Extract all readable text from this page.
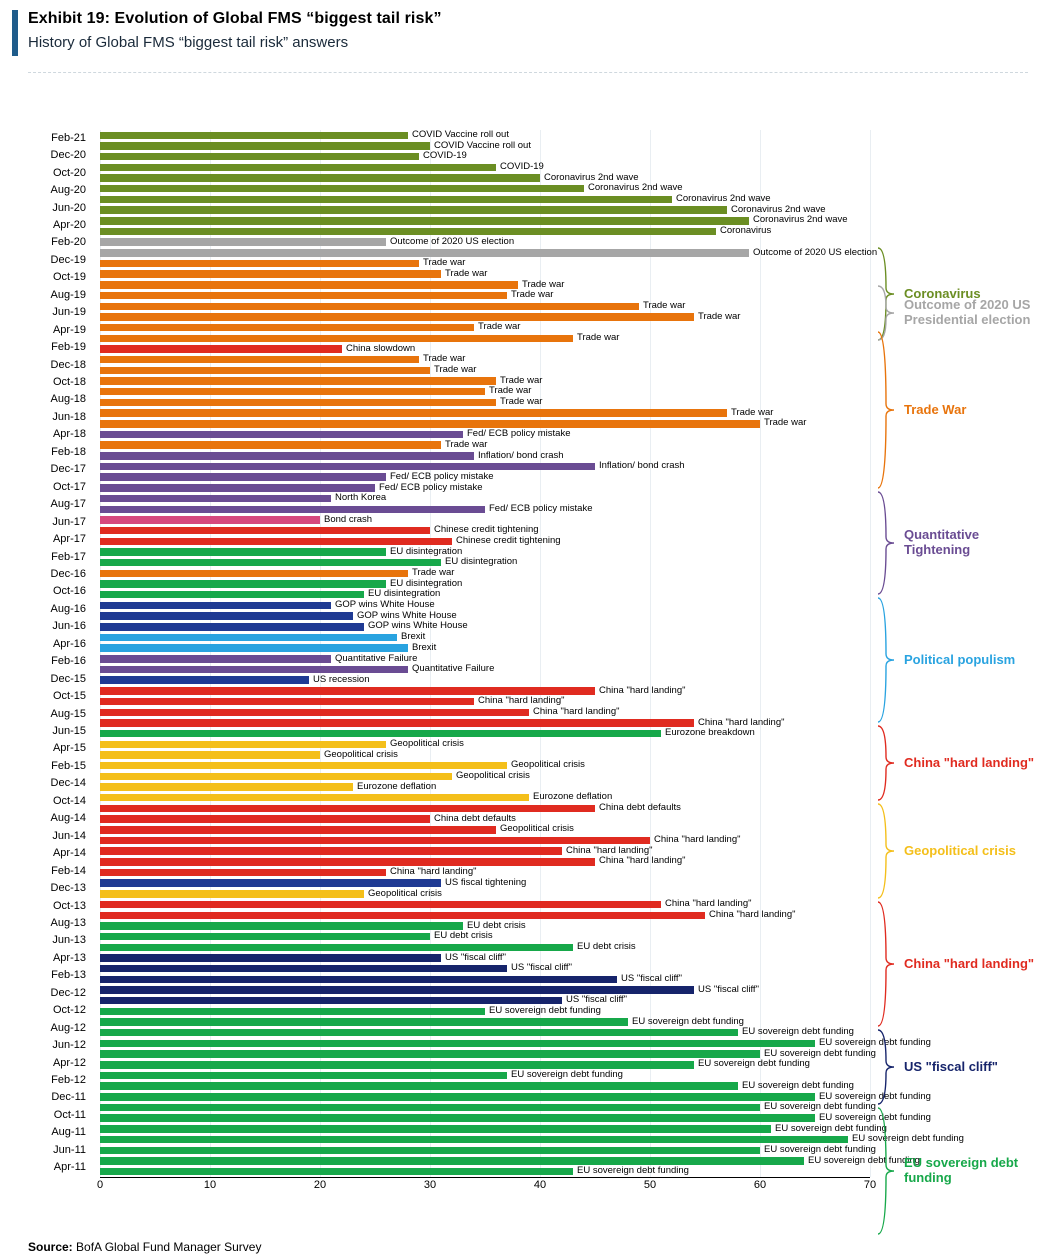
Exhibit 19: Evolution of Global FMS “biggest tail risk”
History of Global FMS “biggest tail risk” answers
COVID Vaccine roll out
COVID Vaccine roll out
COVID-19
COVID-19
Coronavirus 2nd wave
Coronavirus 2nd wave
Coronavirus 2nd wave
Coronavirus 2nd wave
Coronavirus 2nd wave
Coronavirus
Outcome of 2020 US election
Outcome of 2020 US election
Trade war
Trade war
Trade war
Trade war
Trade war
Trade war
Trade war
Trade war
China slowdown
Trade war
Trade war
Trade war
Trade war
Trade war
Trade war
Trade war
Fed/ ECB policy mistake
Trade war
Inflation/ bond crash
Inflation/ bond crash
Fed/ ECB policy mistake
Fed/ ECB policy mistake
North Korea
Fed/ ECB policy mistake
Bond crash
Chinese credit tightening
Chinese credit tightening
EU disintegration
EU disintegration
Trade war
EU disintegration
EU disintegration
GOP wins White House
GOP wins White House
GOP wins White House
Brexit
Brexit
Quantitative Failure
Quantitative Failure
US recession
China "hard landing"
China "hard landing"
China "hard landing"
China "hard landing"
Eurozone breakdown
Geopolitical crisis
Geopolitical crisis
Geopolitical crisis
Geopolitical crisis
Eurozone deflation
Eurozone deflation
China debt defaults
China debt defaults
Geopolitical crisis
China "hard landing"
China "hard landing"
China "hard landing"
China "hard landing"
US fiscal tightening
Geopolitical crisis
China "hard landing"
China "hard landing"
EU debt crisis
EU debt crisis
EU debt crisis
US "fiscal cliff"
US "fiscal cliff"
US "fiscal cliff"
US "fiscal cliff"
US "fiscal cliff"
EU sovereign debt funding
EU sovereign debt funding
EU sovereign debt funding
EU sovereign debt funding
EU sovereign debt funding
EU sovereign debt funding
EU sovereign debt funding
EU sovereign debt funding
EU sovereign debt funding
EU sovereign debt funding
EU sovereign debt funding
EU sovereign debt funding
EU sovereign debt funding
EU sovereign debt funding
EU sovereign debt funding
EU sovereign debt funding
Coronavirus
Outcome of 2020 US Presidential election
Trade War
Quantitative Tightening
Political populism
China "hard landing"
Geopolitical crisis
China "hard landing"
US "fiscal cliff"
EU sovereign debt funding
0	10	20	30	40	50	60	70
Feb-21
Dec-20
Oct-20
Aug-20
Jun-20
Apr-20
Feb-20
Dec-19
Oct-19
Aug-19
Jun-19
Apr-19
Feb-19
Dec-18
Oct-18
Aug-18
Jun-18
Apr-18
Feb-18
Dec-17
Oct-17
Aug-17
Jun-17
Apr-17
Feb-17
Dec-16
Oct-16
Aug-16
Jun-16
Apr-16
Feb-16
Dec-15
Oct-15
Aug-15
Jun-15
Apr-15
Feb-15
Dec-14
Oct-14
Aug-14
Jun-14
Apr-14
Feb-14
Dec-13
Oct-13
Aug-13
Jun-13
Apr-13
Feb-13
Dec-12
Oct-12
Aug-12
Jun-12
Apr-12
Feb-12
Dec-11
Oct-11
Aug-11
Jun-11
Apr-11
Source: BofA Global Fund Manager Survey
